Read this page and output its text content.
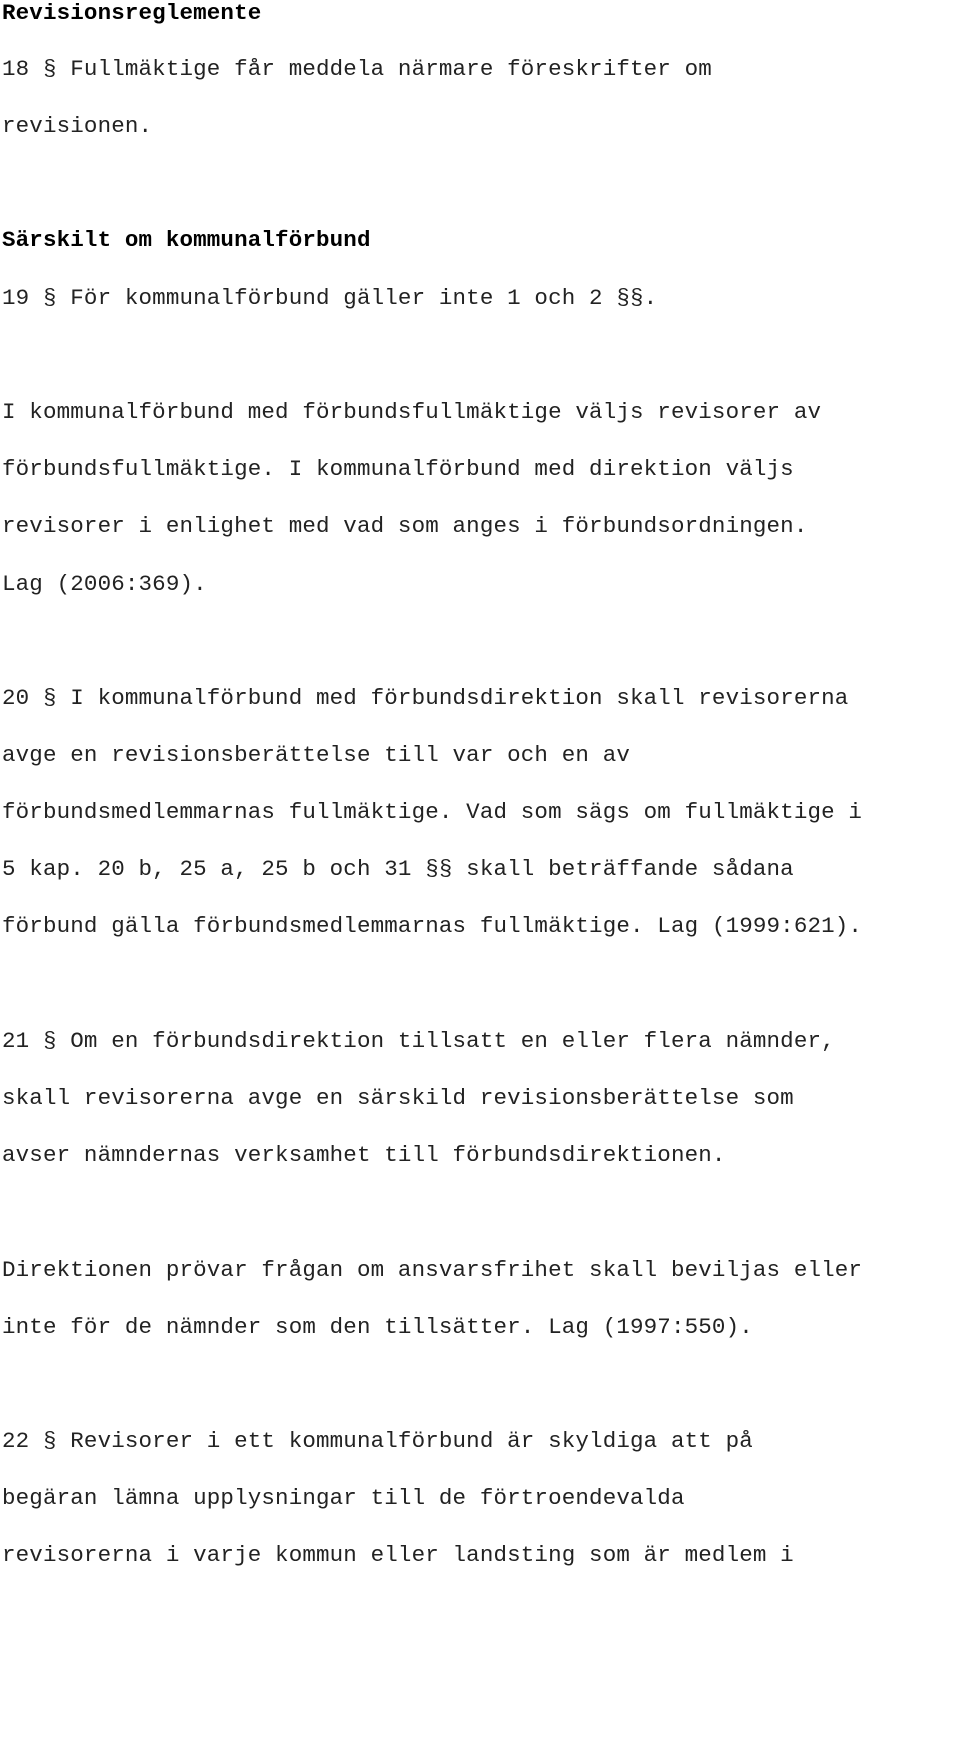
Revisionsreglemente
18 § Fullmäktige får meddela närmare föreskrifter om
revisionen.
Särskilt om kommunalförbund
19 § För kommunalförbund gäller inte 1 och 2 §§.
I kommunalförbund med förbundsfullmäktige väljs revisorer av
förbundsfullmäktige. I kommunalförbund med direktion väljs
revisorer i enlighet med vad som anges i förbundsordningen.
Lag (2006:369).
20 § I kommunalförbund med förbundsdirektion skall revisorerna
avge en revisionsberättelse till var och en av
förbundsmedlemmarnas fullmäktige. Vad som sägs om fullmäktige i
5 kap. 20 b, 25 a, 25 b och 31 §§ skall beträffande sådana
förbund gälla förbundsmedlemmarnas fullmäktige. Lag (1999:621).
21 § Om en förbundsdirektion tillsatt en eller flera nämnder,
skall revisorerna avge en särskild revisionsberättelse som
avser nämndernas verksamhet till förbundsdirektionen.
Direktionen prövar frågan om ansvarsfrihet skall beviljas eller
inte för de nämnder som den tillsätter. Lag (1997:550).
22 § Revisorer i ett kommunalförbund är skyldiga att på
begäran lämna upplysningar till de förtroendevalda
revisorerna i varje kommun eller landsting som är medlem i
